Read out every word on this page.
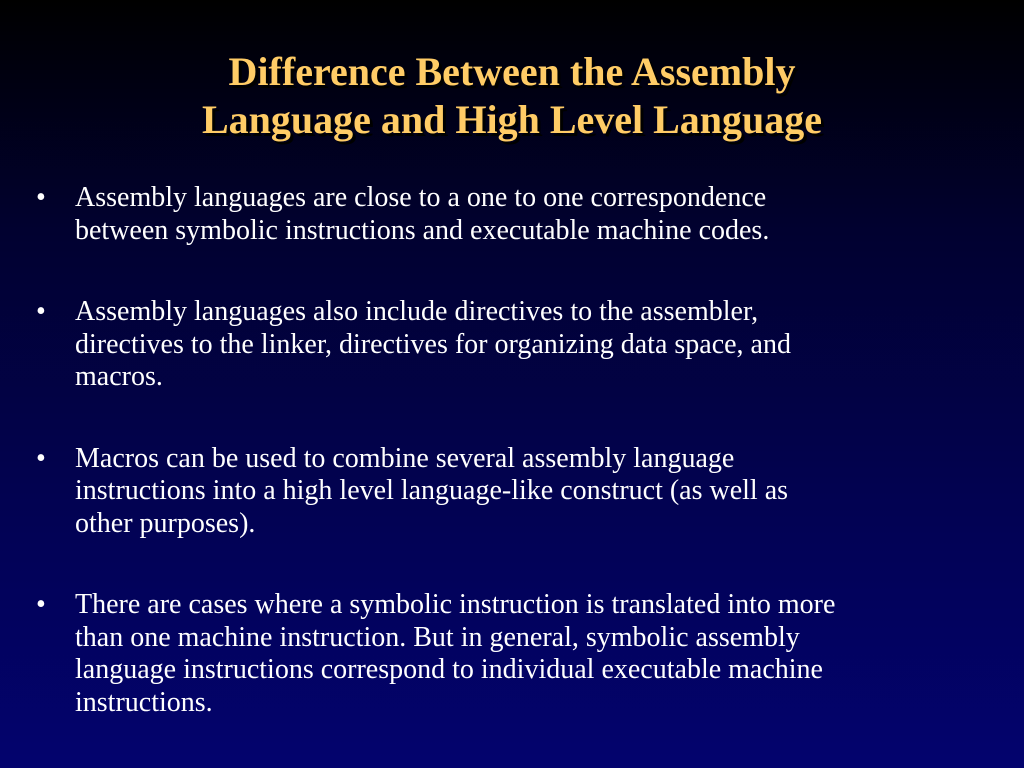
Difference Between the Assembly
Language and High Level Language
• Assembly languages are close to a one to one correspondence
between symbolic instructions and executable machine codes.
• Assembly languages also include directives to the assembler,
directives to the linker, directives for organizing data space, and
macros.
• Macros can be used to combine several assembly language
instructions into a high level language-like construct (as well as
other purposes).
• There are cases where a symbolic instruction is translated into more
than one machine instruction. But in general, symbolic assembly
language instructions correspond to individual executable machine
instructions.
